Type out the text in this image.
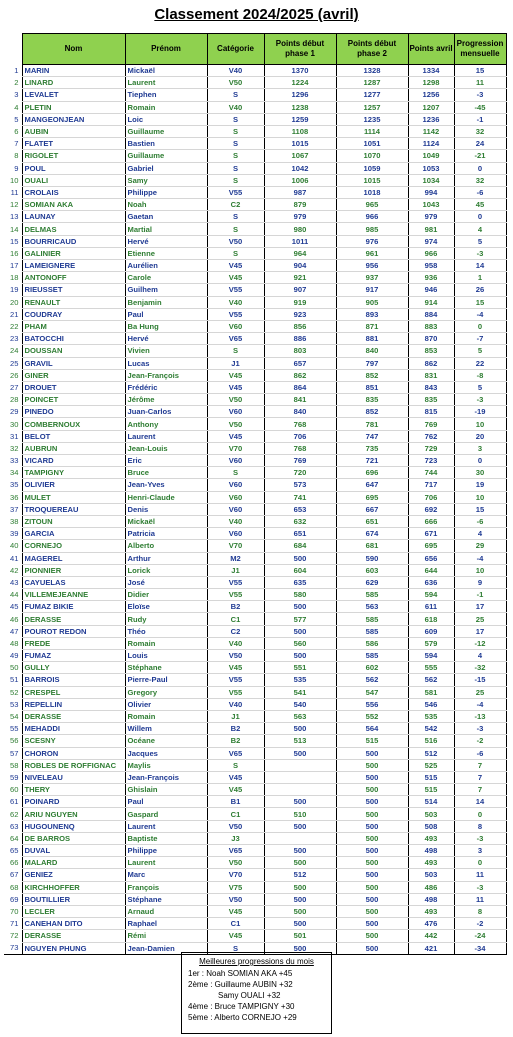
Classement 2024/2025 (avril)
	Nom	Prénom	Catégorie	Points début phase 1	Points début phase 2	Points avril	Progression mensuelle
1	MARIN	Mickaël	V40	1370	1328	1334	15
2	LINARD	Laurent	V50	1224	1287	1298	11
3	LEVALET	Tiephen	S	1296	1277	1256	-3
4	PLETIN	Romain	V40	1238	1257	1207	-45
5	MANGEONJEAN	Loic	S	1259	1235	1236	-1
6	AUBIN	Guillaume	S	1108	1114	1142	32
7	FLATET	Bastien	S	1015	1051	1124	24
8	RIGOLET	Guillaume	S	1067	1070	1049	-21
9	POUL	Gabriel	S	1042	1059	1053	0
10	OUALI	Samy	S	1006	1015	1034	32
11	CROLAIS	Philippe	V55	987	1018	994	-6
12	SOMIAN AKA	Noah	C2	879	965	1043	45
13	LAUNAY	Gaetan	S	979	966	979	0
14	DELMAS	Martial	S	980	985	981	4
15	BOURRICAUD	Hervé	V50	1011	976	974	5
16	GALINIER	Etienne	S	964	961	966	-3
17	LAMEIGNERE	Aurélien	V45	904	956	958	14
18	ANTONOFF	Carole	V45	921	937	936	1
19	RIEUSSET	Guilhem	V55	907	917	946	26
20	RENAULT	Benjamin	V40	919	905	914	15
21	COUDRAY	Paul	V55	923	893	884	-4
22	PHAM	Ba Hung	V60	856	871	883	0
23	BATOCCHI	Hervé	V65	886	881	870	-7
24	DOUSSAN	Vivien	S	803	840	853	5
25	GRAVIL	Lucas	J1	657	797	862	22
26	GINER	Jean-François	V45	862	852	831	-8
27	DROUET	Frédéric	V45	864	851	843	5
28	POINCET	Jérôme	V50	841	835	835	-3
29	PINEDO	Juan-Carlos	V60	840	852	815	-19
30	COMBERNOUX	Anthony	V50	768	781	769	10
31	BELOT	Laurent	V45	706	747	762	20
32	AUBRUN	Jean-Louis	V70	768	735	729	3
33	VICARD	Eric	V60	769	721	723	0
34	TAMPIGNY	Bruce	S	720	696	744	30
35	OLIVIER	Jean-Yves	V60	573	647	717	19
36	MULET	Henri-Claude	V60	741	695	706	10
37	TROQUEREAU	Denis	V60	653	667	692	15
38	ZITOUN	Mickaël	V40	632	651	666	-6
39	GARCIA	Patricia	V60	651	674	671	4
40	CORNEJO	Alberto	V70	684	681	695	29
41	MAGEREL	Arthur	M2	500	590	656	-4
42	PIONNIER	Lorick	J1	604	603	644	10
43	CAYUELAS	José	V55	635	629	636	9
44	VILLEMEJEANNE	Didier	V55	580	585	594	-1
45	FUMAZ BIKIE	Eloïse	B2	500	563	611	17
46	DERASSE	Rudy	C1	577	585	618	25
47	POUROT REDON	Théo	C2	500	585	609	17
48	FREDE	Romain	V40	560	586	579	-12
49	FUMAZ	Louis	V50	500	585	594	4
50	GULLY	Stéphane	V45	551	602	555	-32
51	BARROIS	Pierre-Paul	V55	535	562	562	-15
52	CRESPEL	Gregory	V55	541	547	581	25
53	REPELLIN	Olivier	V40	540	556	546	-4
54	DERASSE	Romain	J1	563	552	535	-13
55	MEHADDI	Willem	B2	500	564	542	-3
56	SCESNY	Océane	B2	513	515	516	-2
57	CHORON	Jacques	V65	500	500	512	-6
58	ROBLES DE ROFFIGNAC	Maylis	S		500	525	7
59	NIVELEAU	Jean-François	V45		500	515	7
60	THERY	Ghislain	V45		500	515	7
61	POINARD	Paul	B1	500	500	514	14
62	ARIU NGUYEN	Gaspard	C1	510	500	503	0
63	HUGOUNENQ	Laurent	V50	500	500	508	8
64	DE BARROS	Baptiste	J3		500	493	-3
65	DUVAL	Philippe	V65	500	500	498	3
66	MALARD	Laurent	V50	500	500	493	0
67	GENIEZ	Marc	V70	512	500	503	11
68	KIRCHHOFFER	François	V75	500	500	486	-3
69	BOUTILLIER	Stéphane	V50	500	500	498	11
70	LECLER	Arnaud	V45	500	500	493	8
71	CANEHAN DITO	Raphael	C1	500	500	476	-2
72	DERASSE	Rémi	V45	501	500	442	-24
73	NGUYEN PHUNG	Jean-Damien	S	500	500	421	-34
Meilleures progressions du mois
1er : Noah SOMIAN AKA +45
2ème : Guillaume AUBIN +32
Samy OUALI +32
4ème : Bruce TAMPIGNY +30
5ème : Alberto CORNEJO +29
